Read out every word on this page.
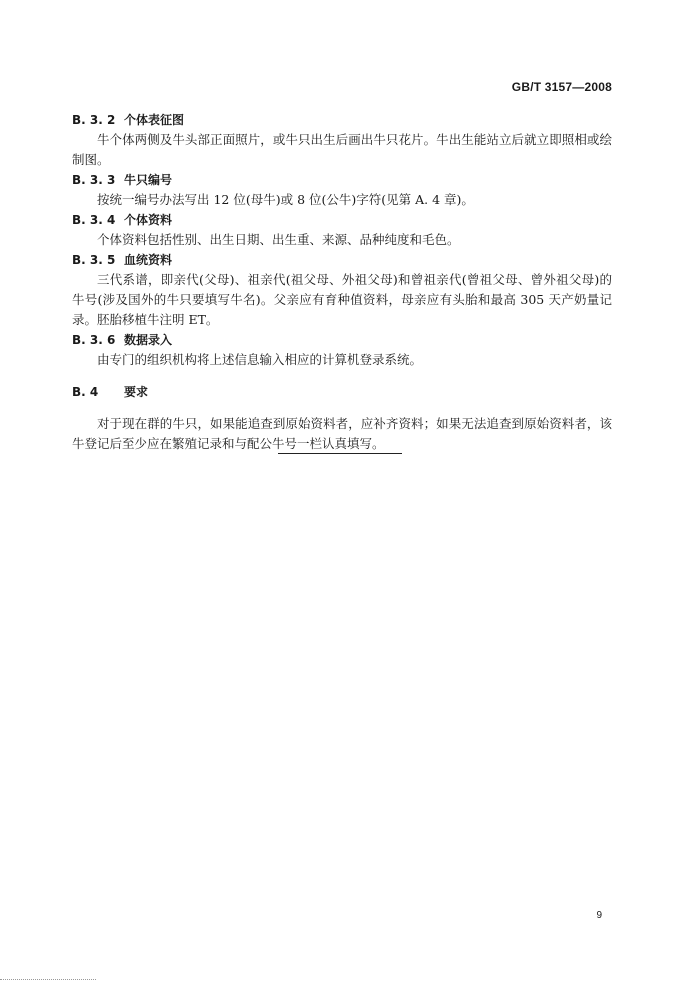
GB/T 3157—2008
B. 3. 2 个体表征图
牛个体两侧及牛头部正面照片，或牛只出生后画出牛只花片。牛出生能站立后就立即照相或绘制图。
B. 3. 3 牛只编号
按统一编号办法写出 12 位(母牛)或 8 位(公牛)字符(见第 A. 4 章)。
B. 3. 4 个体资料
个体资料包括性别、出生日期、出生重、来源、品种纯度和毛色。
B. 3. 5 血统资料
三代系谱，即亲代(父母)、祖亲代(祖父母、外祖父母)和曾祖亲代(曾祖父母、曾外祖父母)的牛号(涉及国外的牛只要填写牛名)。父亲应有育种值资料，母亲应有头胎和最高 305 天产奶量记录。胚胎移植牛注明 ET。
B. 3. 6 数据录入
由专门的组织机构将上述信息输入相应的计算机登录系统。
B. 4 要求
对于现在群的牛只，如果能追查到原始资料者，应补齐资料；如果无法追查到原始资料者，该牛登记后至少应在繁殖记录和与配公牛号一栏认真填写。
9
